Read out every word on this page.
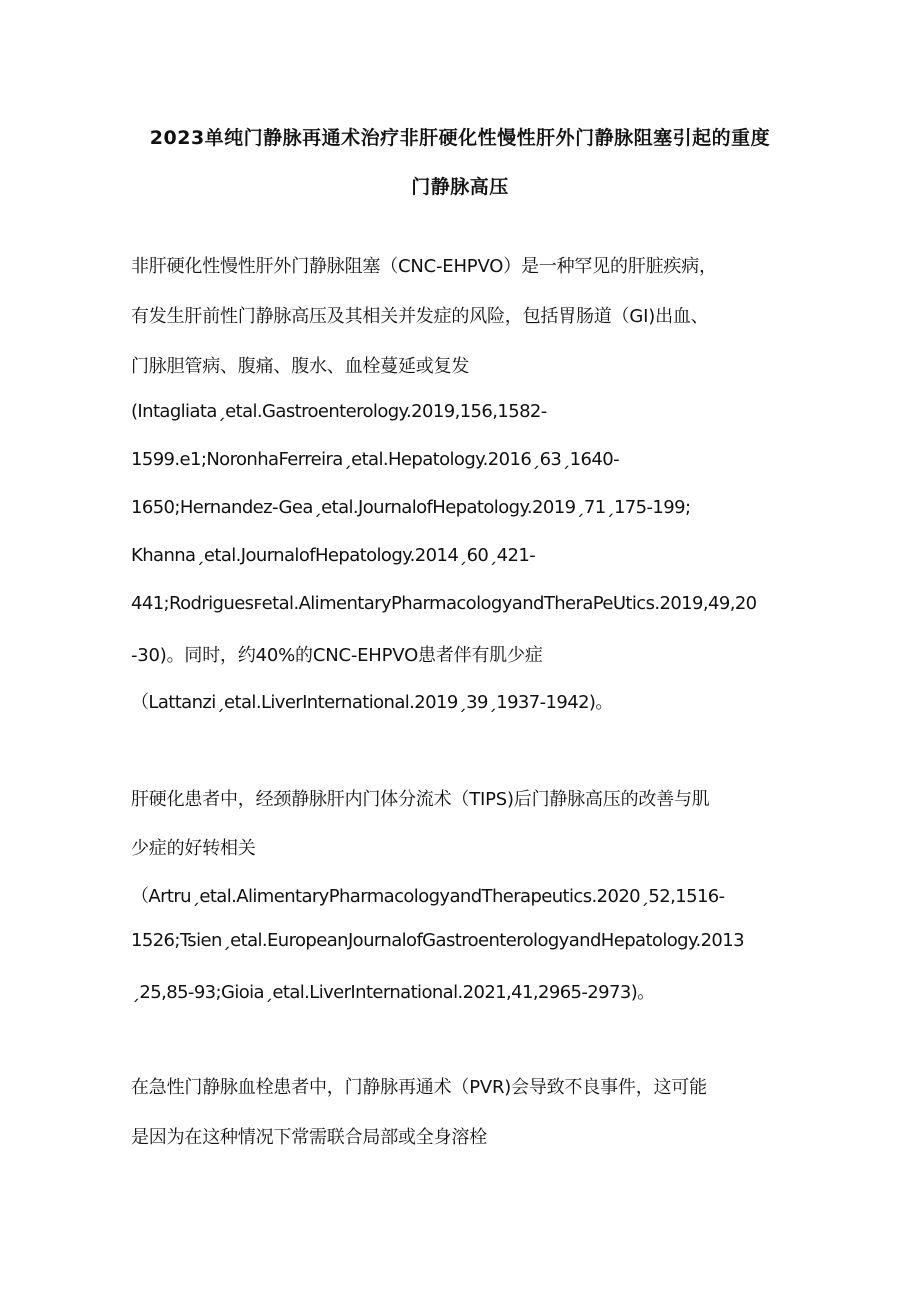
2023单纯门静脉再通术治疗非肝硬化性慢性肝外门静脉阻塞引起的重度
门静脉高压
非肝硬化性慢性肝外门静脉阻塞（CNC-EHPVO）是一种罕见的肝脏疾病，
有发生肝前性门静脉高压及其相关并发症的风险，包括胃肠道（GI)出血、
门脉胆管病、腹痛、腹水、血栓蔓延或复发
(Intagliataˏetal.Gastroenterology.2019,156,1582-
1599.e1;NoronhaFerreiraˏetal.Hepatology.2016ˏ63ˏ1640-
1650;Hernandez-Geaˏetal.JournalofHepatology.2019ˏ71ˏ175-199;
Khannaˏetal.JournalofHepatology.2014ˏ60ˏ421-
441;Rodriguesꜰetal.AlimentaryPharmacologyandTheraPeUtics.2019,49,20
-30)。同时，约40%的CNC-EHPVO患者伴有肌少症
（Lattanziˏetal.LiverInternational.2019ˏ39ˏ1937-1942)。
肝硬化患者中，经颈静脉肝内门体分流术（TIPS)后门静脉高压的改善与肌
少症的好转相关
（Artruˏetal.AlimentaryPharmacologyandTherapeutics.2020ˏ52,1516-
1526;Tsienˏetal.EuropeanJournalofGastroenterologyandHepatology.2013
ˏ25,85-93;Gioiaˏetal.LiverInternational.2021,41,2965-2973)。
在急性门静脉血栓患者中，门静脉再通术（PVR)会导致不良事件，这可能
是因为在这种情况下常需联合局部或全身溶栓
